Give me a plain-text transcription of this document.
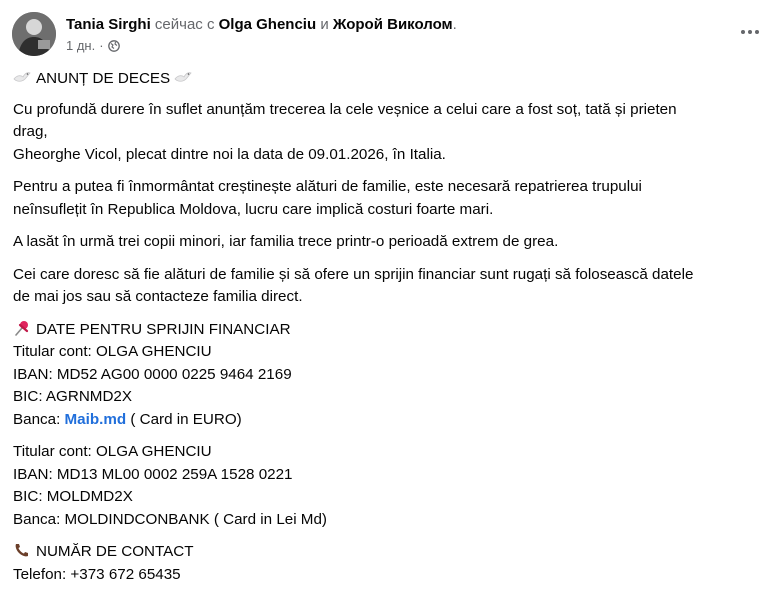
Tania Sirghi сейчас с Olga Ghenciu и Жорой Виколом.
1 дн. ·

ANUNȚ DE DECES

Cu profundă durere în suflet anunțăm trecerea la cele veșnice a celui care a fost soț, tată și prieten
drag,
Gheorghe Vicol, plecat dintre noi la data de 09.01.2026, în Italia.

Pentru a putea fi înmormântat creștinește alături de familie, este necesară repatrierea trupului
neînsuflețit în Republica Moldova, lucru care implică costuri foarte mari.

A lasăt în urmă trei copii minori, iar familia trece printr-o perioadă extrem de grea.

Cei care doresc să fie alături de familie și să ofere un sprijin financiar sunt rugați să folosească datele
de mai jos sau să contacteze familia direct.

DATE PENTRU SPRIJIN FINANCIAR
Titular cont: OLGA GHENCIU
IBAN: MD52 AG00 0000 0225 9464 2169
BIC: AGRNMD2X
Banca: Maib.md ( Card in EURO)

Titular cont: OLGA GHENCIU
IBAN: MD13 ML00 0002 259A 1528 0221
BIC: MOLDMD2X
Banca: MOLDINDCONBANK ( Card in Lei Md)

NUMĂR DE CONTACT
Telefon: +373 672 65435
